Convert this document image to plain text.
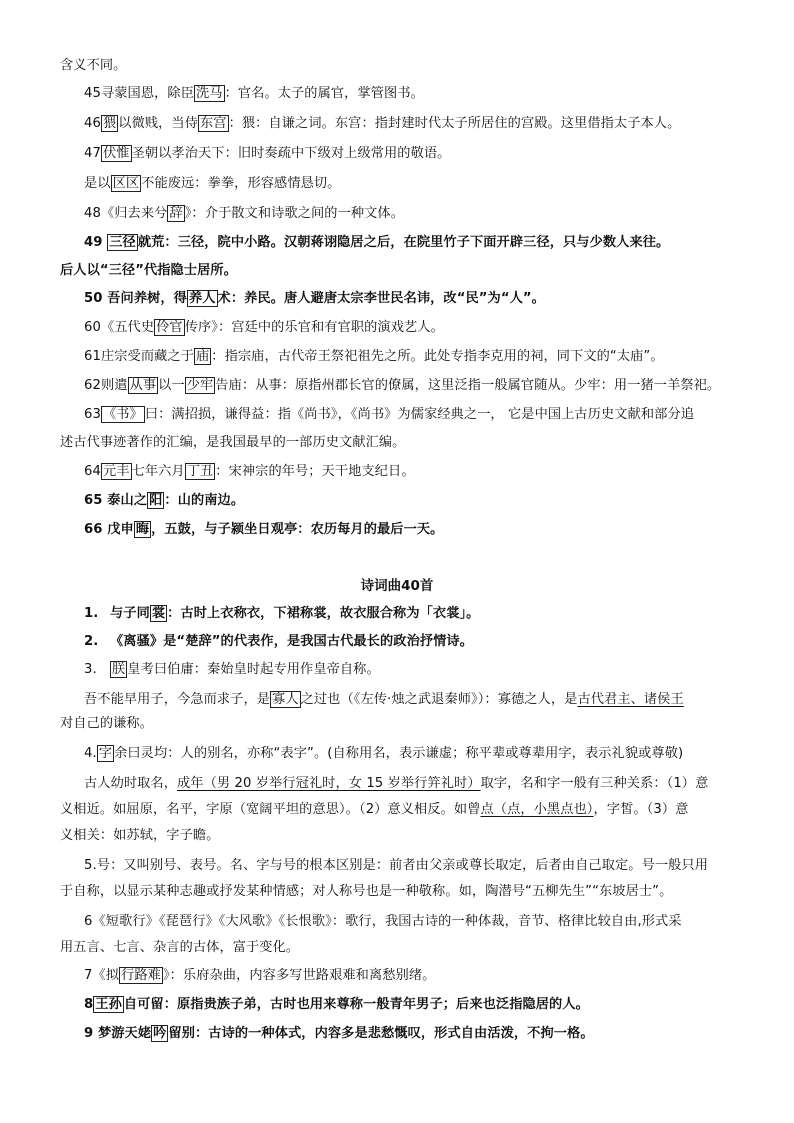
含义不同。
45寻蒙国恩，除臣 洗马 ：官名。太子的属官，掌管图书。
46 猥 以微贱，当侍 东宫 ：猥：自谦之词。东宫：指封建时代太子所居住的宫殿。这里借指太子本人。
47 伏惟 圣朝以孝治天下：旧时奏疏中下级对上级常用的敬语。
是以 区区 不能废远：拳拳，形容感情恳切。
48《归去来兮 辞 》：介于散文和诗歌之间的一种文体。
49 三径 就荒：三径，院中小路。汉朝蒋诩隐居之后，在院里竹子下面开辟三径，只与少数人来往。
后人以“三径”代指隐士居所。
50 吾问养树，得 养人 术：养民。唐人避唐太宗李世民名讳，改“民”为“人”。
60《五代史 伶官 传序》：宫廷中的乐官和有官职的演戏艺人。
61庄宗受而藏之于 庙 ：指宗庙，古代帝王祭祀祖先之所。此处专指李克用的祠，同下文的“太庙”。
62则遣 从事 以一 少牢 告庙：从事：原指州郡长官的僚属，这里泛指一般属官随从。少牢：用一猪一羊祭祀。
63 《书》 曰：满招损，谦得益：指《尚书》，《尚书》为儒家经典之一， 它是中国上古历史文献和部分追
述古代事迹著作的汇编，是我国最早的一部历史文献汇编。
64 元丰 七年六月 丁丑 ：宋神宗的年号；天干地支纪日。
65 泰山之 阳 ：山的南边。
66 戊申 晦 ，五鼓，与子颍坐日观亭：农历每月的最后一天。
诗词曲40首
1. 与子同 裳 ：古时上衣称衣，下裙称裳，故衣服合称为「衣裳」。
2. 《离骚》是“楚辞”的代表作，是我国古代最长的政治抒情诗。
3. 朕 皇考曰伯庸：秦始皇时起专用作皇帝自称。
吾不能早用子，今急而求子，是 寡人 之过也（《左传·烛之武退秦师》）：寡德之人，是古代君主、诸侯王
对自己的谦称。
4. 字 余曰灵均：人的别名，亦称“表字”。(自称用名，表示谦虚；称平辈或尊辈用字，表示礼貌或尊敬)
古人幼时取名，成年（男 20 岁举行冠礼时，女 15 岁举行笄礼时）取字，名和字一般有三种关系：（1）意
义相近。如屈原，名平，字原（宽阔平坦的意思）。（2）意义相反。如曾点（点，小黑点也），字皙。（3）意
义相关：如苏轼，字子瞻。
5.号：又叫别号、表号。名、字与号的根本区别是：前者由父亲或尊长取定，后者由自己取定。号一般只用
于自称，以显示某种志趣或抒发某种情感；对人称号也是一种敬称。如，陶潜号“五柳先生”“东坡居士”。
6《短歌行》《琵琶行》《大风歌》《长恨歌》：歌行，我国古诗的一种体裁，音节、格律比较自由,形式采
用五言、七言、杂言的古体，富于变化。
7《拟 行路难 》：乐府杂曲，内容多写世路艰难和离愁别绪。
8 王孙 自可留：原指贵族子弟，古时也用来尊称一般青年男子；后来也泛指隐居的人。
9 梦游天姥 吟 留别：古诗的一种体式，内容多是悲愁慨叹，形式自由活泼，不拘一格。
